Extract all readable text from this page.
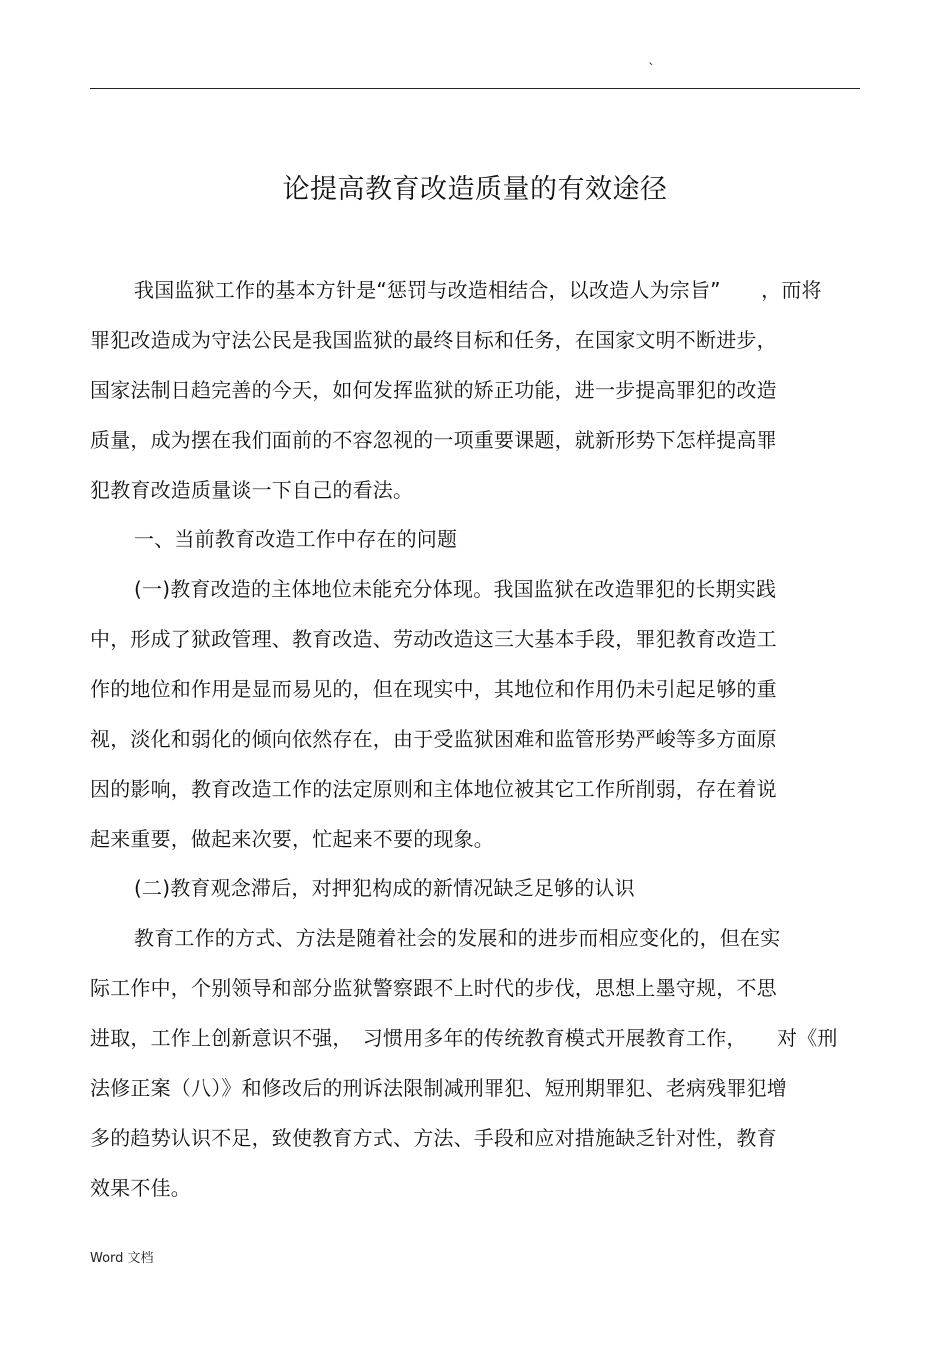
`
论提高教育改造质量的有效途径
我国监狱工作的基本方针是“惩罚与改造相结合，以改造人为宗旨”　　，而将
罪犯改造成为守法公民是我国监狱的最终目标和任务，在国家文明不断进步，
国家法制日趋完善的今天，如何发挥监狱的矫正功能，进一步提高罪犯的改造
质量，成为摆在我们面前的不容忽视的一项重要课题，就新形势下怎样提高罪
犯教育改造质量谈一下自己的看法。
一、当前教育改造工作中存在的问题
(一)教育改造的主体地位未能充分体现。我国监狱在改造罪犯的长期实践
中，形成了狱政管理、教育改造、劳动改造这三大基本手段，罪犯教育改造工
作的地位和作用是显而易见的，但在现实中，其地位和作用仍未引起足够的重
视，淡化和弱化的倾向依然存在，由于受监狱困难和监管形势严峻等多方面原
因的影响，教育改造工作的法定原则和主体地位被其它工作所削弱，存在着说
起来重要，做起来次要，忙起来不要的现象。
(二)教育观念滞后，对押犯构成的新情况缺乏足够的认识
教育工作的方式、方法是随着社会的发展和的进步而相应变化的，但在实
际工作中，个别领导和部分监狱警察跟不上时代的步伐，思想上墨守规，不思
进取，工作上创新意识不强，　习惯用多年的传统教育模式开展教育工作，　　对《刑
法修正案（八）》和修改后的刑诉法限制减刑罪犯、短刑期罪犯、老病残罪犯增
多的趋势认识不足，致使教育方式、方法、手段和应对措施缺乏针对性，教育
效果不佳。
Word 文档
